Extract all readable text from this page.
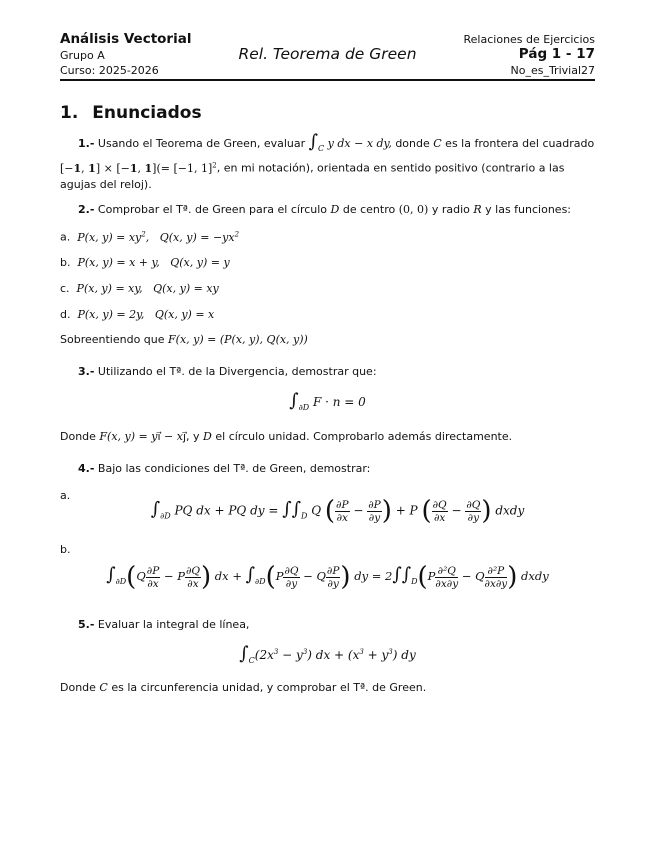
Análisis Vectorial
Grupo A
Curso: 2025-2026
Rel. Teorema de Green
Relaciones de Ejercicios
Pág 1 - 17
No_es_Trivial27
1. Enunciados

1.- Usando el Teorema de Green, evaluar $\int_C$ y dx − x dy, donde C es la frontera del cuadrado

[−1, 1] × [−1, 1](= [−1, 1]$^2$, en mi notación), orientada en sentido positivo (contrario a las agujas del reloj).

2.- Comprobar el Tª. de Green para el círculo D de centro (0, 0) y radio R y las funciones:

a. P(x, $y) = xy^2$,   Q(x, $y) = -yx^2$
b. P(x, y) = x + y,   Q(x, y) = y
c. P(x, y) = xy,   Q(x, y) = xy
d. P(x, y) = 2y,   Q(x, y) = x
Sobreentiendo que F(x, y) = (P(x, y), Q(x, y))

3.- Utilizando el Tª. de la Divergencia, demostrar que:

$\int_{\partial D}$ F · n = 0
Donde F(x, y) = yi⃗ − xj⃗, y D el círculo unidad. Comprobarlo además directamente.

4.- Bajo las condiciones del Tª. de Green, demostrar:

a.
$\int_{\partial D}$ PQ dx + PQ dy = $\int\int_D$ Q ( $\frac{\partial P}{\partial x} - \frac{\partial P}{\partial y}$ ) + P ( $\frac{\partial Q}{\partial x} - \frac{\partial Q}{\partial y}$ ) dxdy
b.
$\int_{\partial D}(Q \frac{\partial P}{\partial x} - P \frac{\partial Q}{\partial x}$ ) dx + $\int_{\partial D}(P \frac{\partial Q}{\partial y} - Q \frac{\partial P}{\partial y}$ ) dy = $2\int\int_D(P \frac{\text{∂²Q}}{\partial x\partial y} - Q \frac{\text{∂²P}}{\partial x\partial y}$ ) dxdy

5.- Evaluar la integral de línea,

$\int_C(2x^3 - y^3)$ dx + $(x^3 + y^3)$ dy
Donde C es la circunferencia unidad, y comprobar el Tª. de Green.
